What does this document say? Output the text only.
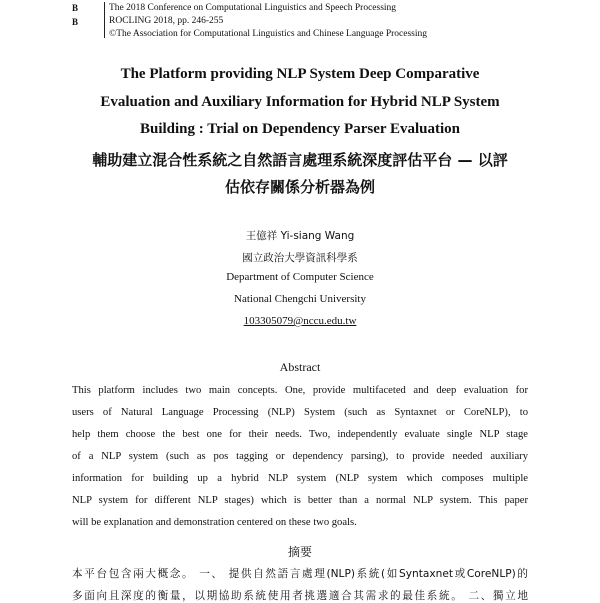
B
B
The 2018 Conference on Computational Linguistics and Speech Processing
ROCLING 2018, pp. 246-255
©The Association for Computational Linguistics and Chinese Language Processing
The Platform providing NLP System Deep Comparative
Evaluation and Auxiliary Information for Hybrid NLP System
Building : Trial on Dependency Parser Evaluation
輔助建立混合性系統之自然語言處理系統深度評估平台 — 以評
估依存關係分析器為例
王億祥 Yi-siang Wang
國立政治大學資訊科學系
Department of Computer Science
National Chengchi University
103305079@nccu.edu.tw
Abstract
This platform includes two main concepts. One, provide multifaceted and deep evaluation for
users of Natural Language Processing (NLP) System (such as Syntaxnet or CoreNLP), to
help them choose the best one for their needs. Two, independently evaluate single NLP stage
of a NLP system (such as pos tagging or dependency parsing), to provide needed auxiliary
information for building up a hybrid NLP system (NLP system which composes multiple
NLP system for different NLP stages) which is better than a normal NLP system. This paper
will be explanation and demonstration centered on these two goals.
摘要
本平台包含兩大概念。 一、 提供自然語言處理(NLP)系統(如Syntaxnet或CoreNLP)的
多面向且深度的衡量，以期協助系統使用者挑選適合其需求的最佳系統。 二、獨立地
